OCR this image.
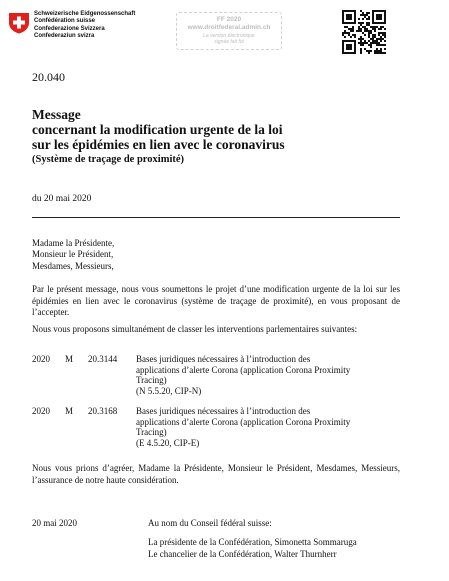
Schweizerische Eidgenossenschaft
Confédération suisse
Confederazione Svizzera
Confederaziun svizra
FF 2020
www.droitfederal.admin.ch
La version électronique
signée fait foi
20.040
Message
concernant la modification urgente de la loi
sur les épidémies en lien avec le coronavirus
(Système de traçage de proximité)
du 20 mai 2020
Madame la Présidente,
Monsieur le Président,
Mesdames, Messieurs,
Par le présent message, nous vous soumettons le projet d’une modification urgente de la loi sur les épidémies en lien avec le coronavirus (système de traçage de proximité), en vous proposant de l’accepter.
Nous vous proposons simultanément de classer les interventions parlementaires suivantes:
2020 M 20.3144 Bases juridiques nécessaires à l’introduction des
applications d’alerte Corona (application Corona Proximity
Tracing)
(N 5.5.20, CIP-N)
2020 M 20.3168 Bases juridiques nécessaires à l’introduction des
applications d’alerte Corona (application Corona Proximity
Tracing)
(E 4.5.20, CIP-E)
Nous vous prions d’agréer, Madame la Présidente, Monsieur le Président, Mesdames, Messieurs, l’assurance de notre haute considération.
20 mai 2020	Au nom du Conseil fédéral suisse:
La présidente de la Confédération, Simonetta Sommaruga
Le chancelier de la Confédération, Walter Thurnherr
